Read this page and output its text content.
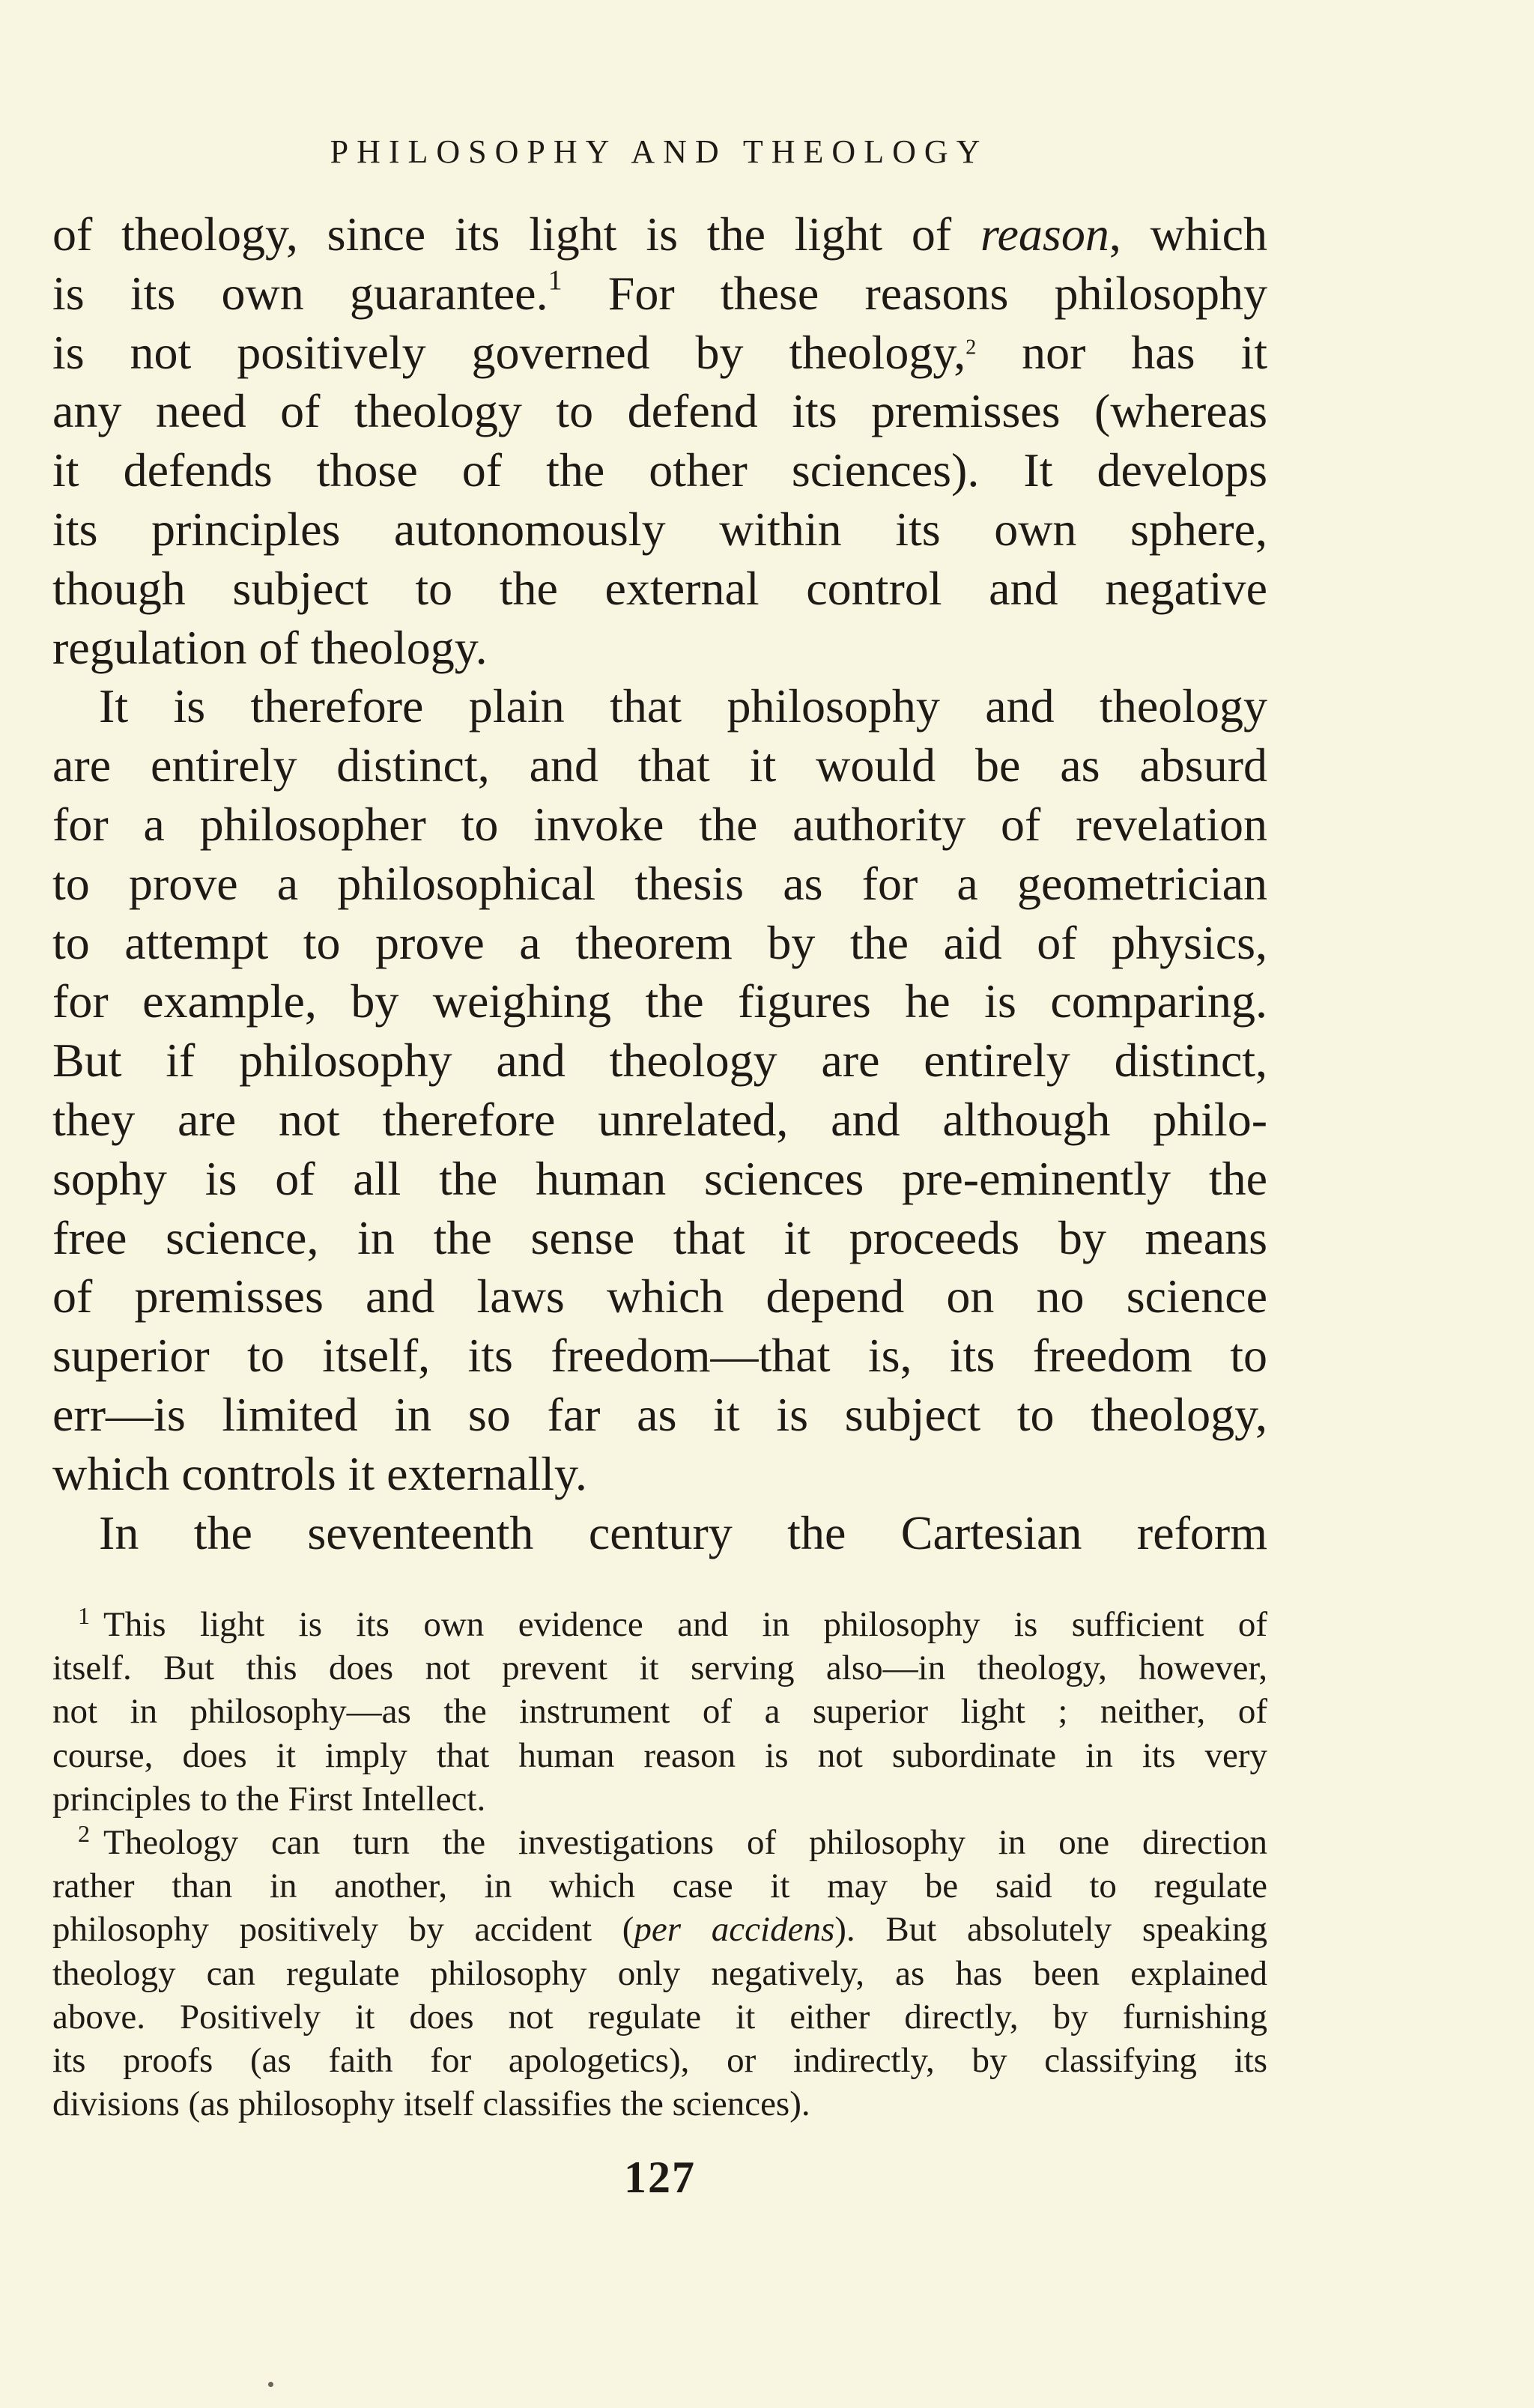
PHILOSOPHY AND THEOLOGY
of theology, since its light is the light of reason, which
is its own guarantee.$^1$ For these reasons philosophy
is not positively governed by theology,$^2$ nor has it
any need of theology to defend its premisses (whereas
it defends those of the other sciences). It develops
its principles autonomously within its own sphere,
though subject to the external control and negative
regulation of theology.
It is therefore plain that philosophy and theology
are entirely distinct, and that it would be as absurd
for a philosopher to invoke the authority of revelation
to prove a philosophical thesis as for a geometrician
to attempt to prove a theorem by the aid of physics,
for example, by weighing the figures he is comparing.
But if philosophy and theology are entirely distinct,
they are not therefore unrelated, and although philo-
sophy is of all the human sciences pre-eminently the
free science, in the sense that it proceeds by means
of premisses and laws which depend on no science
superior to itself, its freedom—that is, its freedom to
err—is limited in so far as it is subject to theology,
which controls it externally.
In the seventeenth century the Cartesian reform
$^1$ This light is its own evidence and in philosophy is sufficient of
itself. But this does not prevent it serving also—in theology, however,
not in philosophy—as the instrument of a superior light ; neither, of
course, does it imply that human reason is not subordinate in its very
principles to the First Intellect.
$^2$ Theology can turn the investigations of philosophy in one direction
rather than in another, in which case it may be said to regulate
philosophy positively by accident (per accidens). But absolutely speaking
theology can regulate philosophy only negatively, as has been explained
above. Positively it does not regulate it either directly, by furnishing
its proofs (as faith for apologetics), or indirectly, by classifying its
divisions (as philosophy itself classifies the sciences).
127
